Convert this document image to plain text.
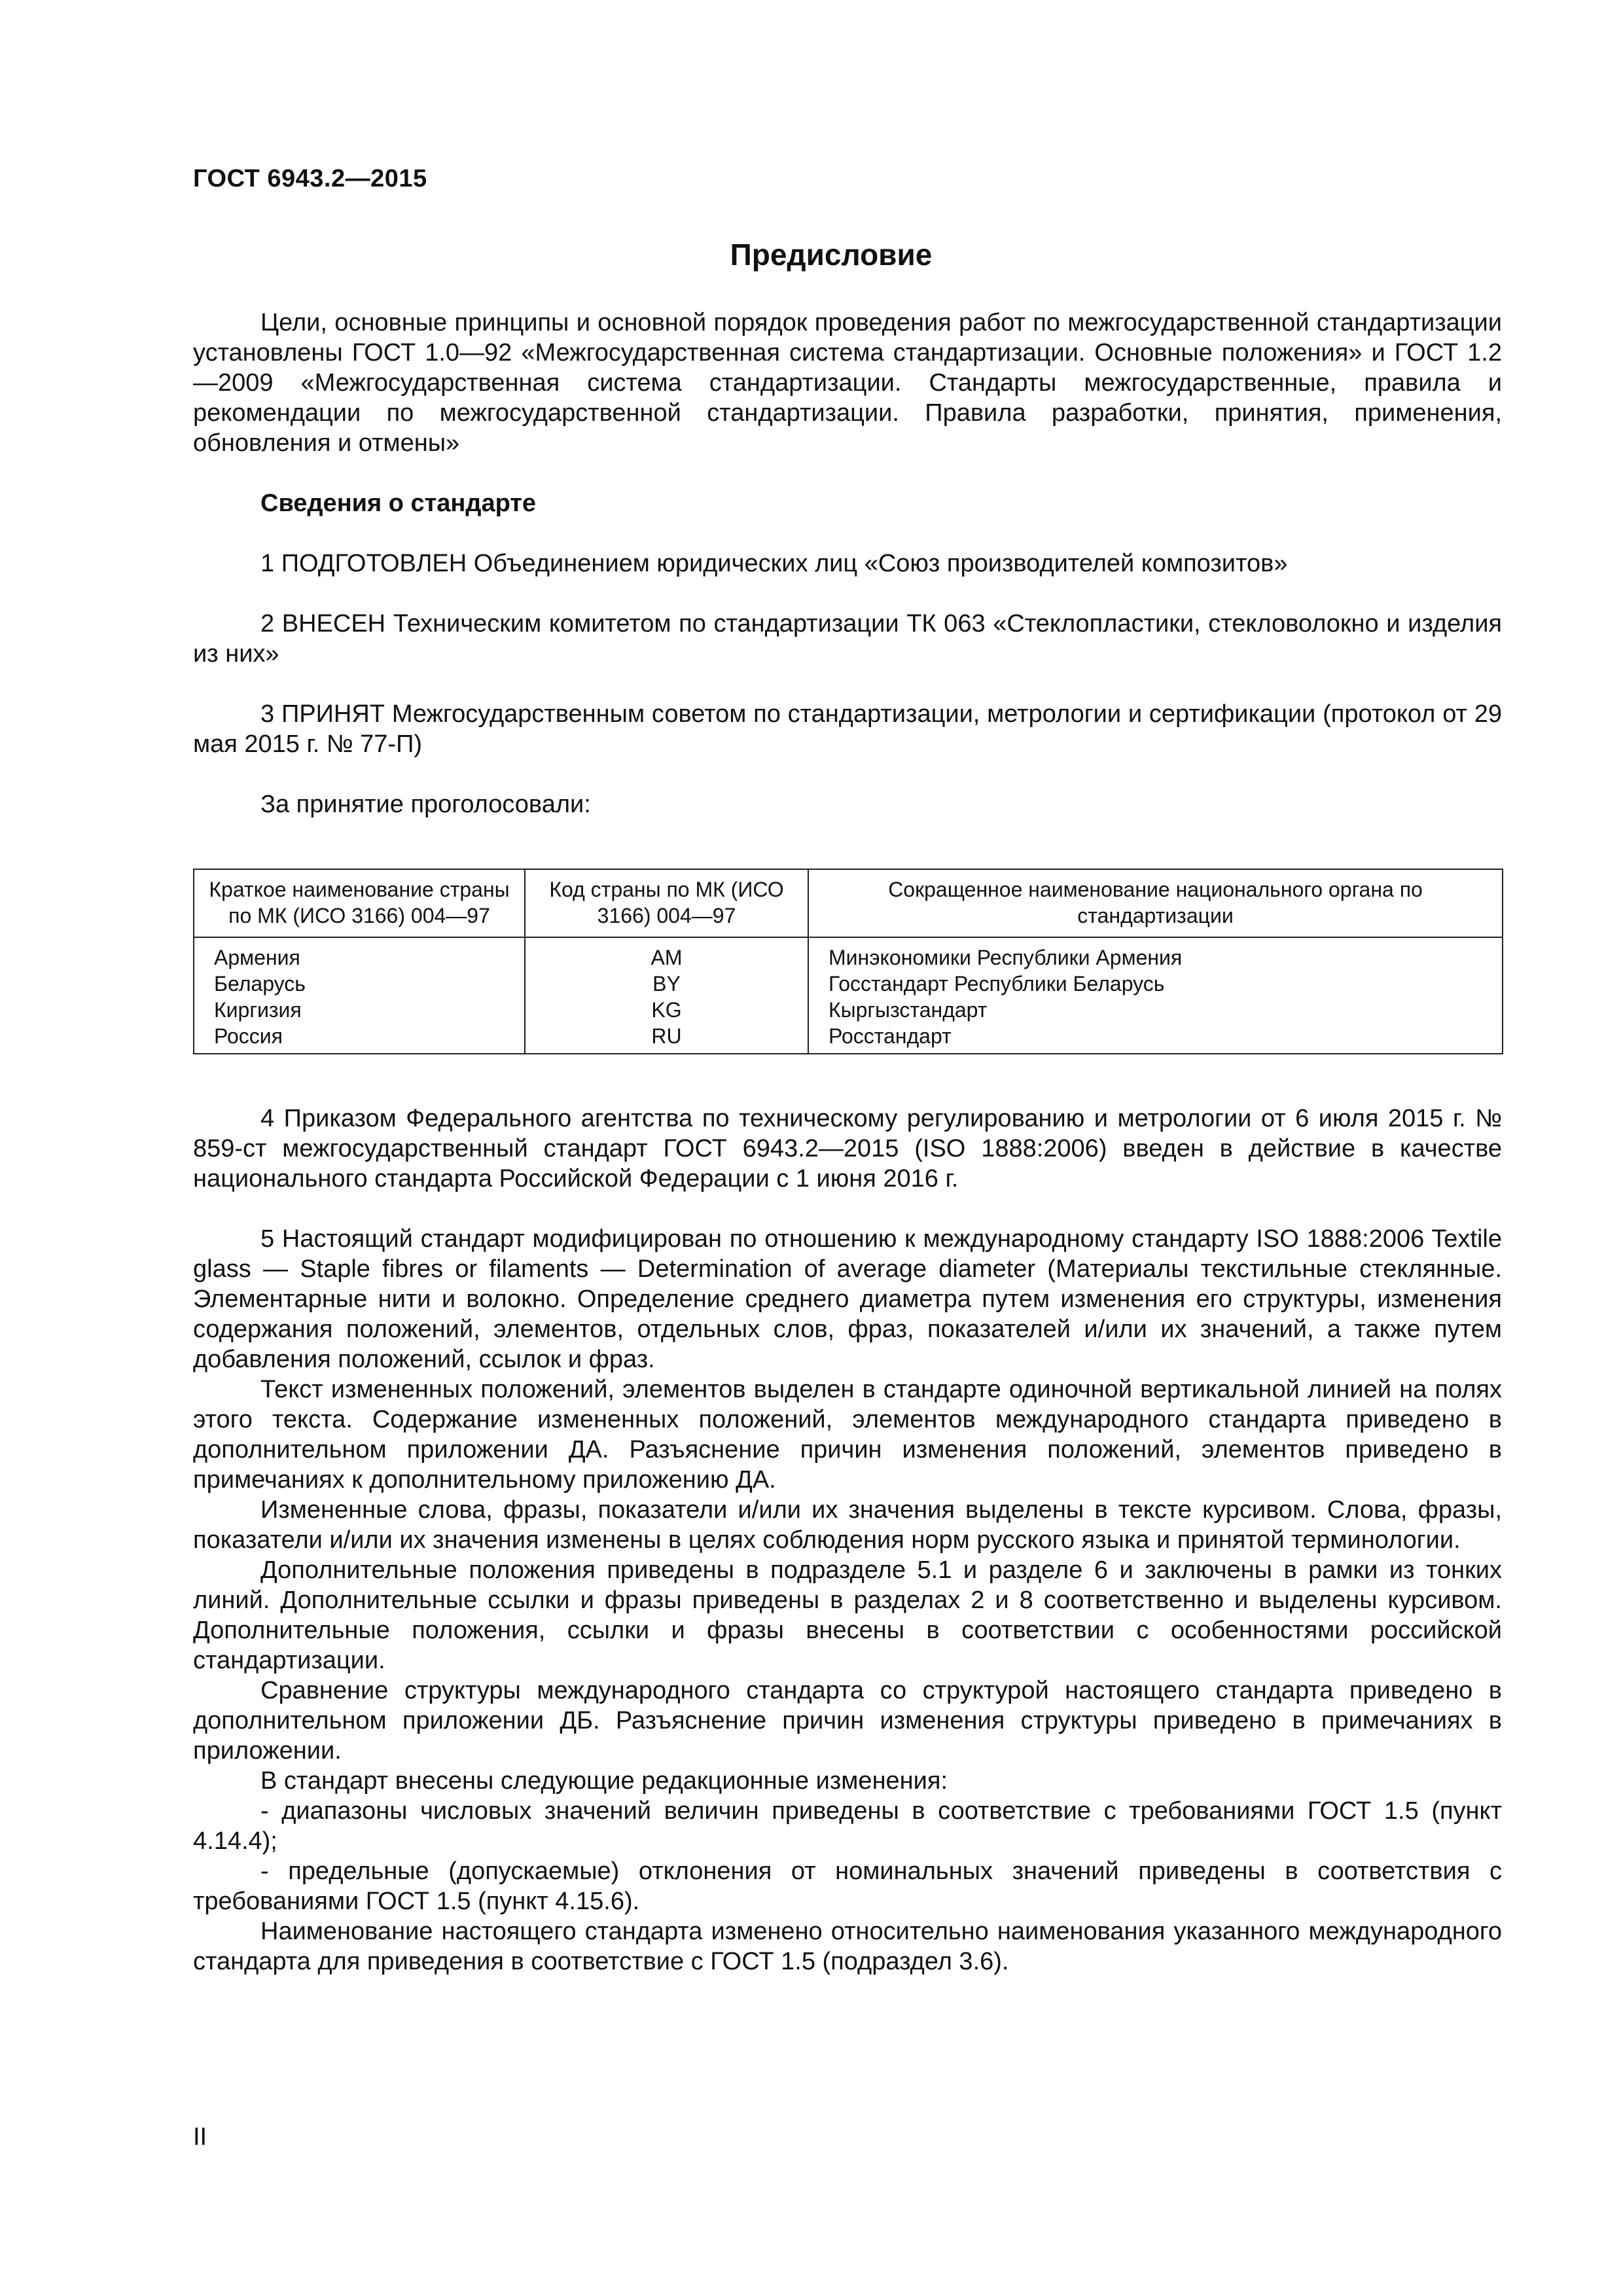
ГОСТ 6943.2—2015
Предисловие

Цели, основные принципы и основной порядок проведения работ по межгосударственной стандартизации установлены ГОСТ 1.0—92 «Межгосударственная система стандартизации. Основные положения» и ГОСТ 1.2—2009 «Межгосударственная система стандартизации. Стандарты межгосударственные, правила и рекомендации по межгосударственной стандартизации. Правила разработки, принятия, применения, обновления и отмены»

Сведения о стандарте

1 ПОДГОТОВЛЕН Объединением юридических лиц «Союз производителей композитов»

2 ВНЕСЕН Техническим комитетом по стандартизации ТК 063 «Стеклопластики, стекловолокно и изделия из них»

3 ПРИНЯТ Межгосударственным советом по стандартизации, метрологии и сертификации (протокол от 29 мая 2015 г. № 77-П)

За принятие проголосовали:

Краткое наименование страны по МК (ИСО 3166) 004—97	Код страны по МК (ИСО 3166) 004—97	Сокращенное наименование национального органа по стандартизации
Армения	AM	Минэкономики Республики Армения
Беларусь	BY	Госстандарт Республики Беларусь
Киргизия	KG	Кыргызстандарт
Россия	RU	Росстандарт

4 Приказом Федерального агентства по техническому регулированию и метрологии от 6 июля 2015 г. № 859-ст межгосударственный стандарт ГОСТ 6943.2—2015 (ISO 1888:2006) введен в действие в качестве национального стандарта Российской Федерации с 1 июня 2016 г.

5 Настоящий стандарт модифицирован по отношению к международному стандарту ISO 1888:2006 Textile glass — Staple fibres or filaments — Determination of average diameter (Материалы текстильные стеклянные. Элементарные нити и волокно. Определение среднего диаметра путем изменения его структуры, изменения содержания положений, элементов, отдельных слов, фраз, показателей и/или их значений, а также путем добавления положений, ссылок и фраз.

Текст измененных положений, элементов выделен в стандарте одиночной вертикальной линией на полях этого текста. Содержание измененных положений, элементов международного стандарта приведено в дополнительном приложении ДА. Разъяснение причин изменения положений, элементов приведено в примечаниях к дополнительному приложению ДА.

Измененные слова, фразы, показатели и/или их значения выделены в тексте курсивом. Слова, фразы, показатели и/или их значения изменены в целях соблюдения норм русского языка и принятой терминологии.

Дополнительные положения приведены в подразделе 5.1 и разделе 6 и заключены в рамки из тонких линий. Дополнительные ссылки и фразы приведены в разделах 2 и 8 соответственно и выделены курсивом. Дополнительные положения, ссылки и фразы внесены в соответствии с особенностями российской стандартизации.

Сравнение структуры международного стандарта со структурой настоящего стандарта приведено в дополнительном приложении ДБ. Разъяснение причин изменения структуры приведено в примечаниях в приложении.

В стандарт внесены следующие редакционные изменения:

- диапазоны числовых значений величин приведены в соответствие с требованиями ГОСТ 1.5 (пункт 4.14.4);

- предельные (допускаемые) отклонения от номинальных значений приведены в соответствия с требованиями ГОСТ 1.5 (пункт 4.15.6).

Наименование настоящего стандарта изменено относительно наименования указанного международного стандарта для приведения в соответствие с ГОСТ 1.5 (подраздел 3.6).

II
